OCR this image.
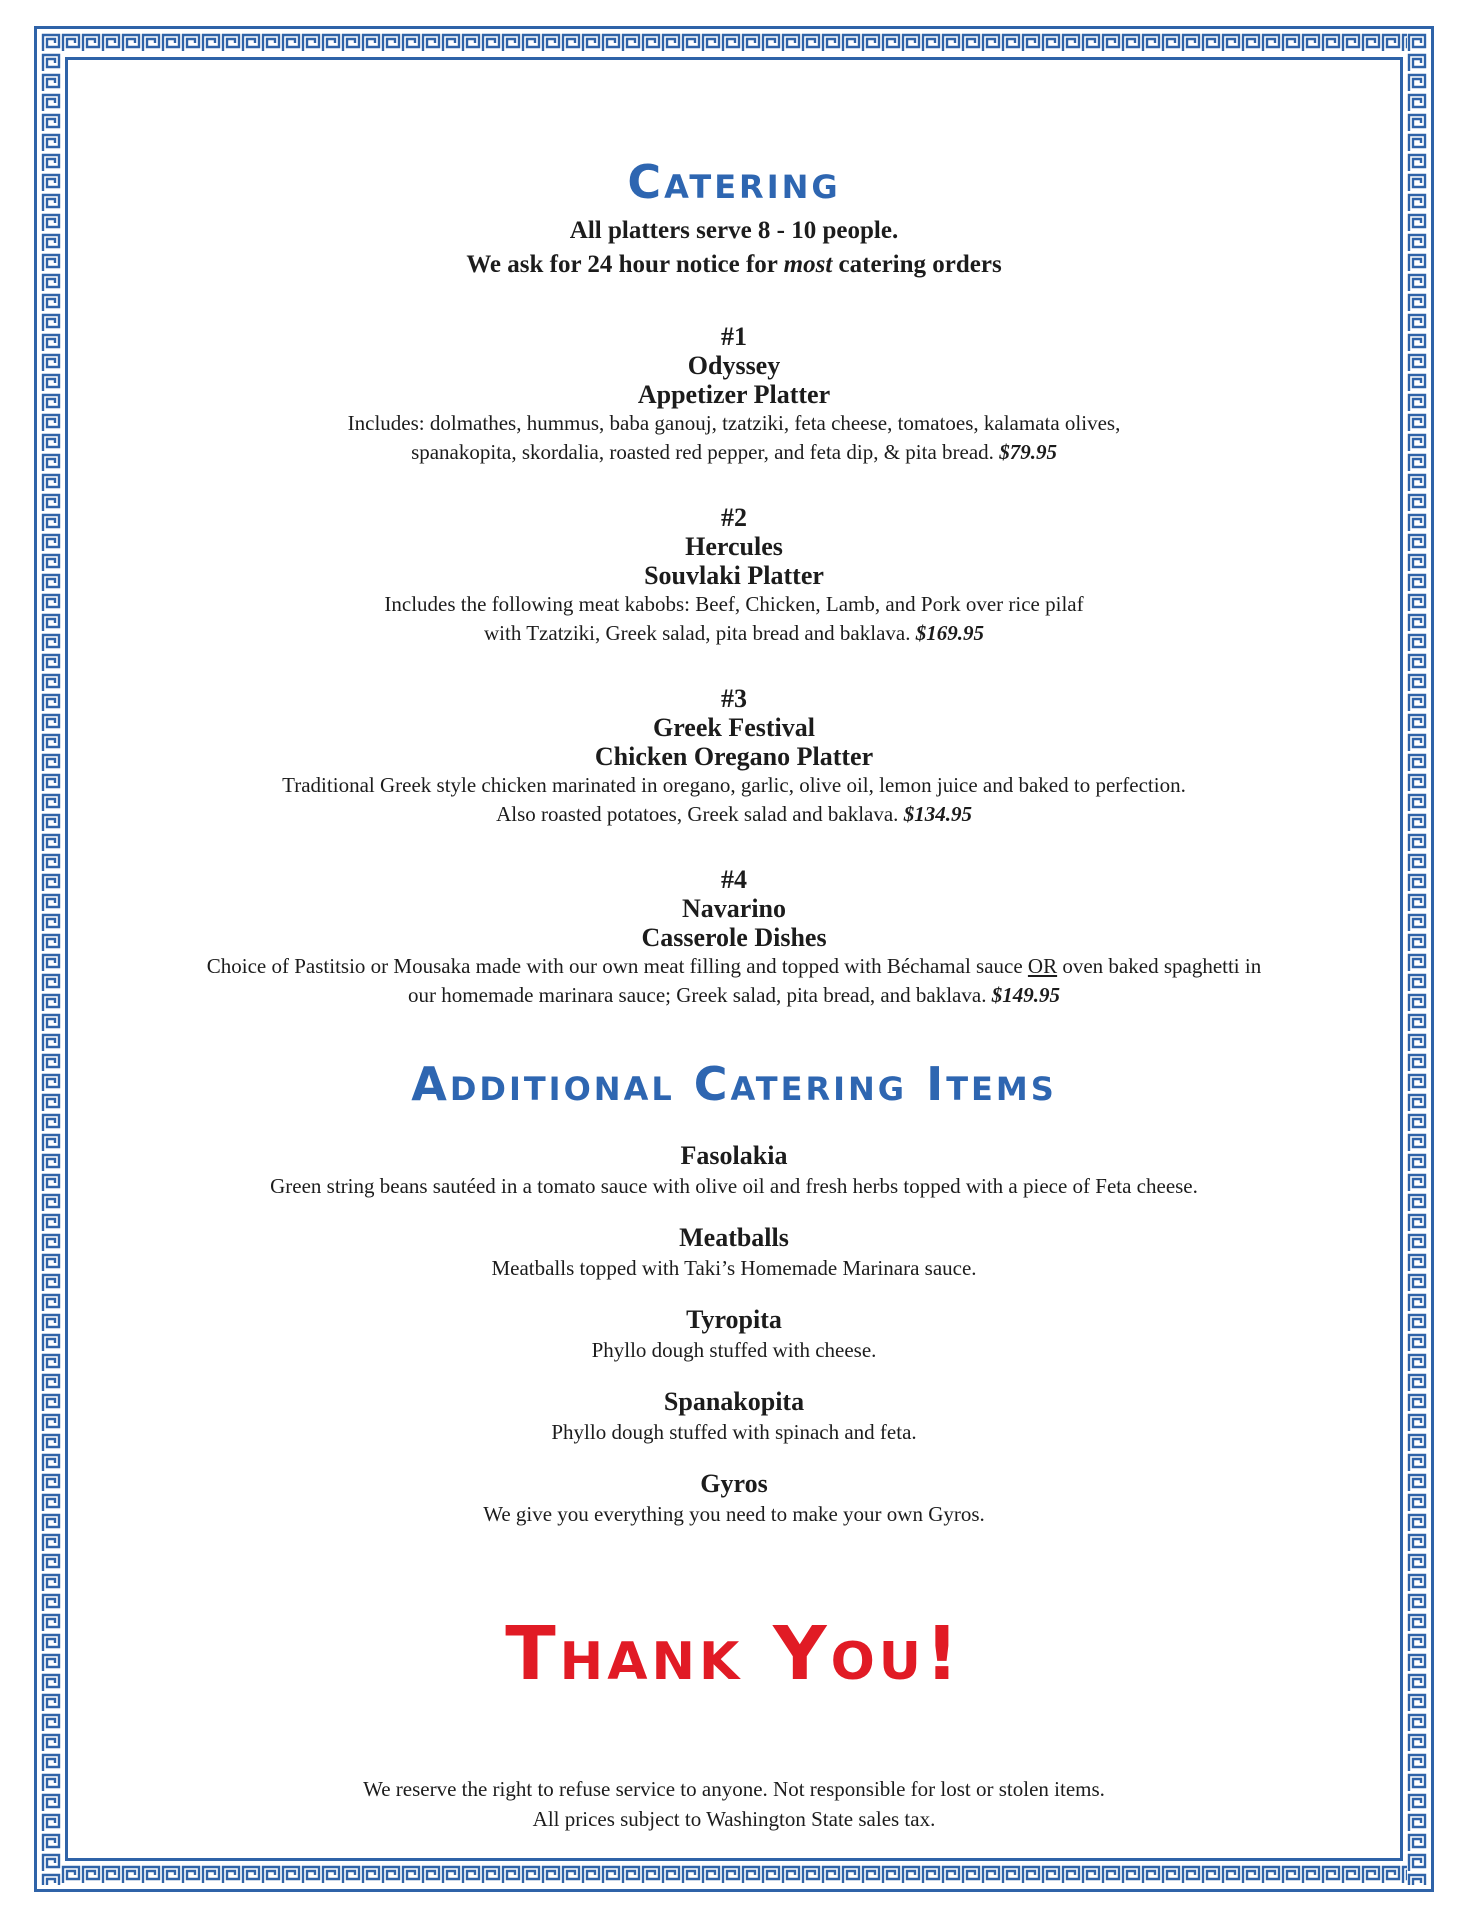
Catering
All platters serve 8 - 10 people.
We ask for 24 hour notice for most catering orders
#1
Odyssey
Appetizer Platter
Includes: dolmathes, hummus, baba ganouj, tzatziki, feta cheese, tomatoes, kalamata olives,
spanakopita, skordalia, roasted red pepper, and feta dip, & pita bread. $79.95
#2
Hercules
Souvlaki Platter
Includes the following meat kabobs: Beef, Chicken, Lamb, and Pork over rice pilaf
with Tzatziki, Greek salad, pita bread and baklava. $169.95
#3
Greek Festival
Chicken Oregano Platter
Traditional Greek style chicken marinated in oregano, garlic, olive oil, lemon juice and baked to perfection.
Also roasted potatoes, Greek salad and baklava. $134.95
#4
Navarino
Casserole Dishes
Choice of Pastitsio or Mousaka made with our own meat filling and topped with Béchamal sauce OR oven baked spaghetti in
our homemade marinara sauce; Greek salad, pita bread, and baklava. $149.95
Additional Catering Items
Fasolakia
Green string beans sautéed in a tomato sauce with olive oil and fresh herbs topped with a piece of Feta cheese.
Meatballs
Meatballs topped with Taki’s Homemade Marinara sauce.
Tyropita
Phyllo dough stuffed with cheese.
Spanakopita
Phyllo dough stuffed with spinach and feta.
Gyros
We give you everything you need to make your own Gyros.
Thank You!
We reserve the right to refuse service to anyone. Not responsible for lost or stolen items.
All prices subject to Washington State sales tax.
